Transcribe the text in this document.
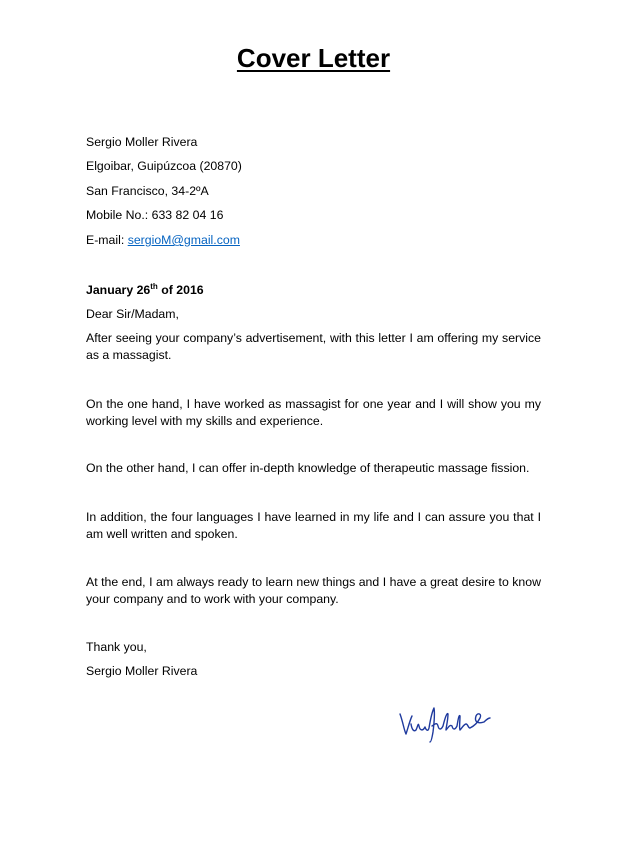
Cover Letter

Sergio Moller Rivera

Elgoibar, Guipúzcoa (20870)

San Francisco, 34-2ºA

Mobile No.: 633 82 04 16

E-mail: sergioM@gmail.com

January 26th of 2016

Dear Sir/Madam,

After seeing your company’s advertisement, with this letter I am offering my service as a massagist.

On the one hand, I have worked as massagist for one year and I will show you my working level with my skills and experience.

On the other hand, I can offer in-depth knowledge of therapeutic massage fission.

In addition, the four languages I have learned in my life and I can assure you that I am well written and spoken.

At the end, I am always ready to learn new things and I have a great desire to know your company and to work with your company.

Thank you,

Sergio Moller Rivera
